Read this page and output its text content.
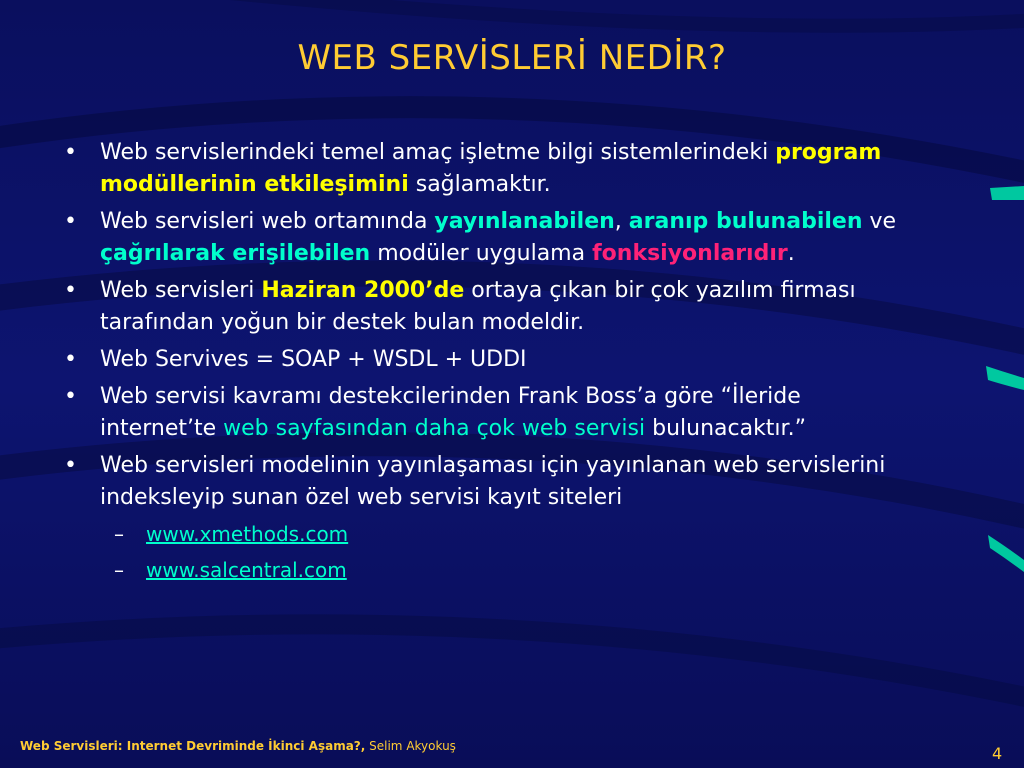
WEB SERVİSLERİ NEDİR?
• Web servislerindeki temel amaç işletme bilgi sistemlerindeki program modüllerinin etkileşimini sağlamaktır.
• Web servisleri web ortamında yayınlanabilen, aranıp bulunabilen ve çağrılarak erişilebilen modüler uygulama fonksiyonlarıdır.
• Web servisleri Haziran 2000’de ortaya çıkan bir çok yazılım firması tarafından yoğun bir destek bulan modeldir.
• Web Servives = SOAP + WSDL + UDDI
• Web servisi kavramı destekcilerinden Frank Boss’a göre “İleride internet’te web sayfasından daha çok web servisi bulunacaktır.”
• Web servisleri modelinin yayınlaşaması için yayınlanan web servislerini indeksleyip sunan özel web servisi kayıt siteleri
– www.xmethods.com
– www.salcentral.com
Web Servisleri: Internet Devriminde İkinci Aşama?, Selim Akyokuş	4
